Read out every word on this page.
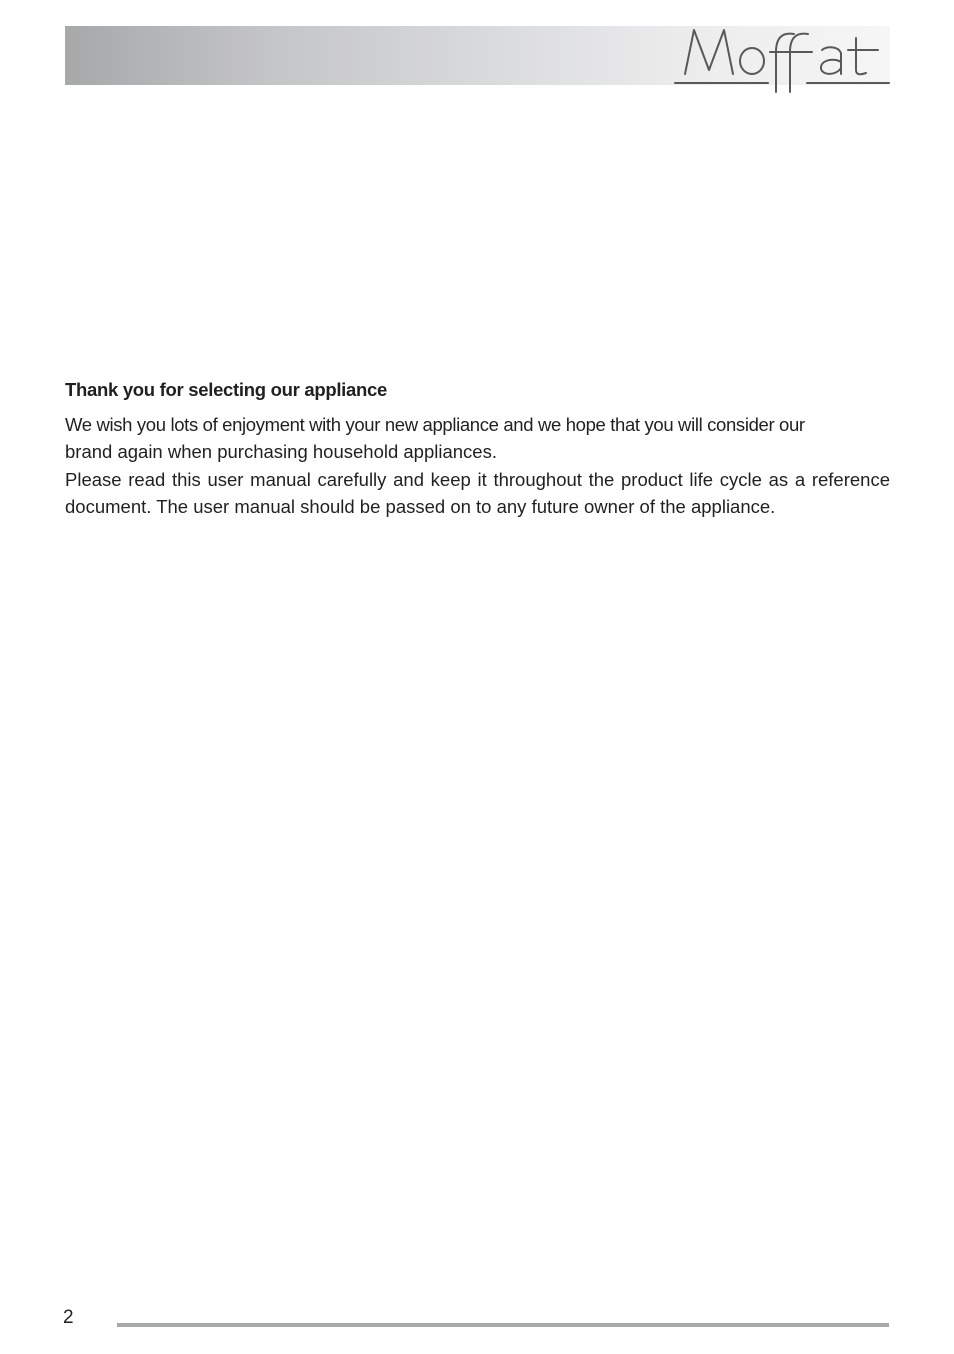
Thank you for selecting our appliance

We wish you lots of enjoyment with your new appliance and we hope that you will consider our

brand again when purchasing household appliances.

Please read this user manual carefully and keep it throughout the product life cycle as a reference document. The user manual should be passed on to any future owner of the appliance.

2
